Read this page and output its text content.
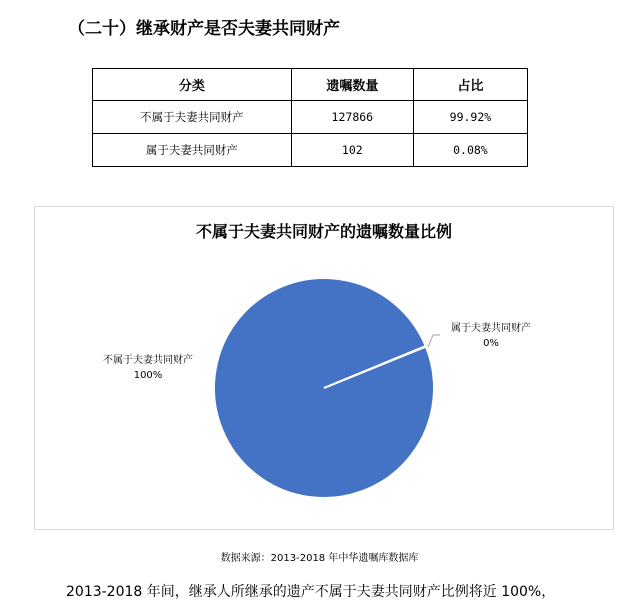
（二十）继承财产是否夫妻共同财产
分类	遗嘱数量	占比
不属于夫妻共同财产	127866	99.92%
属于夫妻共同财产	102	0.08%
不属于夫妻共同财产的遗嘱数量比例
不属于夫妻共同财产
100%
属于夫妻共同财产
0%
数据来源：2013-2018 年中华遗嘱库数据库
2013-2018 年间，继承人所继承的遗产不属于夫妻共同财产比例将近 100%，
